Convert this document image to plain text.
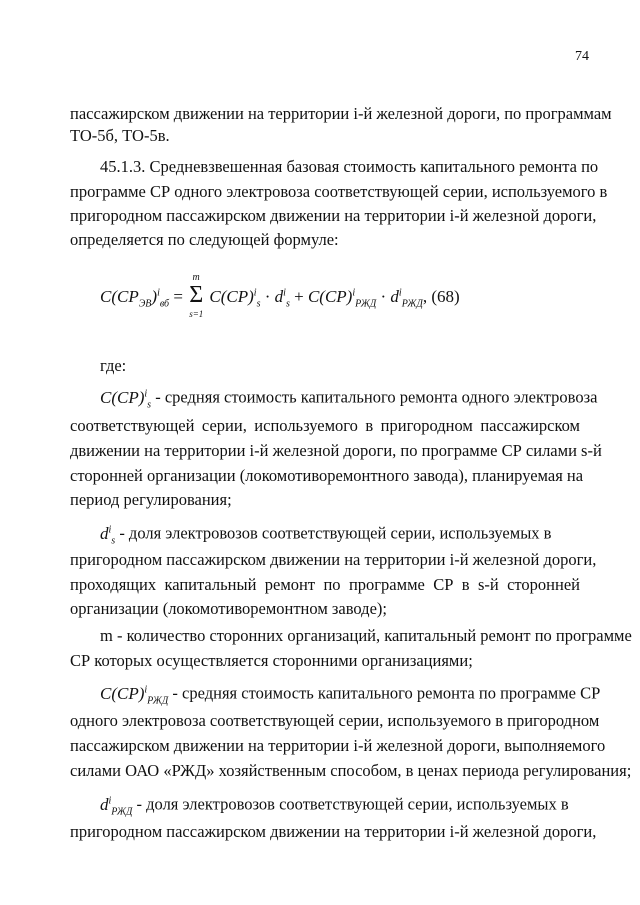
74
пассажирском движении на территории i-й железной дороги, по программам
ТО-5б, ТО-5в.
45.1.3. Средневзвешенная базовая стоимость капитального ремонта по
программе СР одного электровоза соответствующей серии, используемого в
пригородном пассажирском движении на территории i-й железной дороги,
определяется по следующей формуле:
$C(CP_{ЭВ})^i_{вб}$ =
m
Σ
s=1
$C(CP)^i_s \cdot d^i_s + C(CP)^i_{РЖД} \cdot d^i_{РЖД}$, (68)
где:
C(CP)$^i_s$ - средняя стоимость капитального ремонта одного электровоза
соответствующей серии, используемого в пригородном пассажирском
движении на территории i-й железной дороги, по программе СР силами s-й
сторонней организации (локомотиворемонтного завода), планируемая на
период регулирования;
$d^i_s$ - доля электровозов соответствующей серии, используемых в
пригородном пассажирском движении на территории i-й железной дороги,
проходящих капитальный ремонт по программе СР в s-й сторонней
организации (локомотиворемонтном заводе);
m - количество сторонних организаций, капитальный ремонт по программе
СР которых осуществляется сторонними организациями;
C(CP)$^i_{РЖД}$ - средняя стоимость капитального ремонта по программе СР
одного электровоза соответствующей серии, используемого в пригородном
пассажирском движении на территории i-й железной дороги, выполняемого
силами ОАО «РЖД» хозяйственным способом, в ценах периода регулирования;
$d^i_{РЖД}$ - доля электровозов соответствующей серии, используемых в
пригородном пассажирском движении на территории i-й железной дороги,
